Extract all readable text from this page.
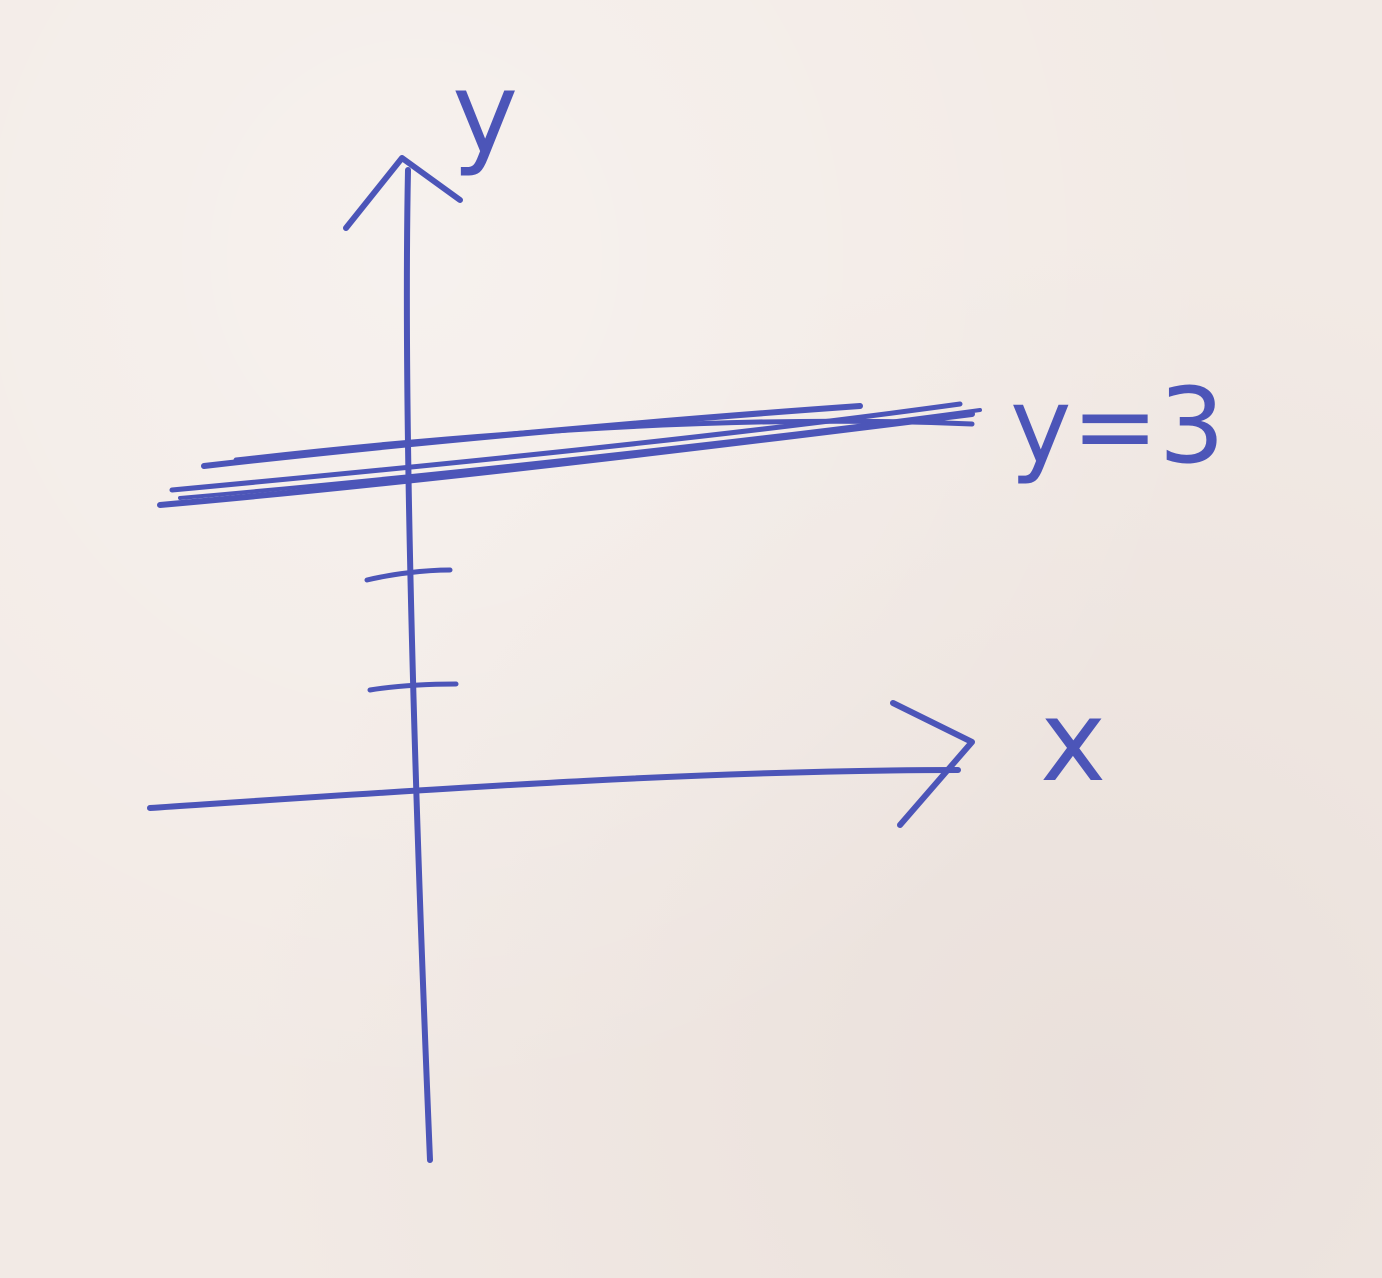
y
x
y=3
